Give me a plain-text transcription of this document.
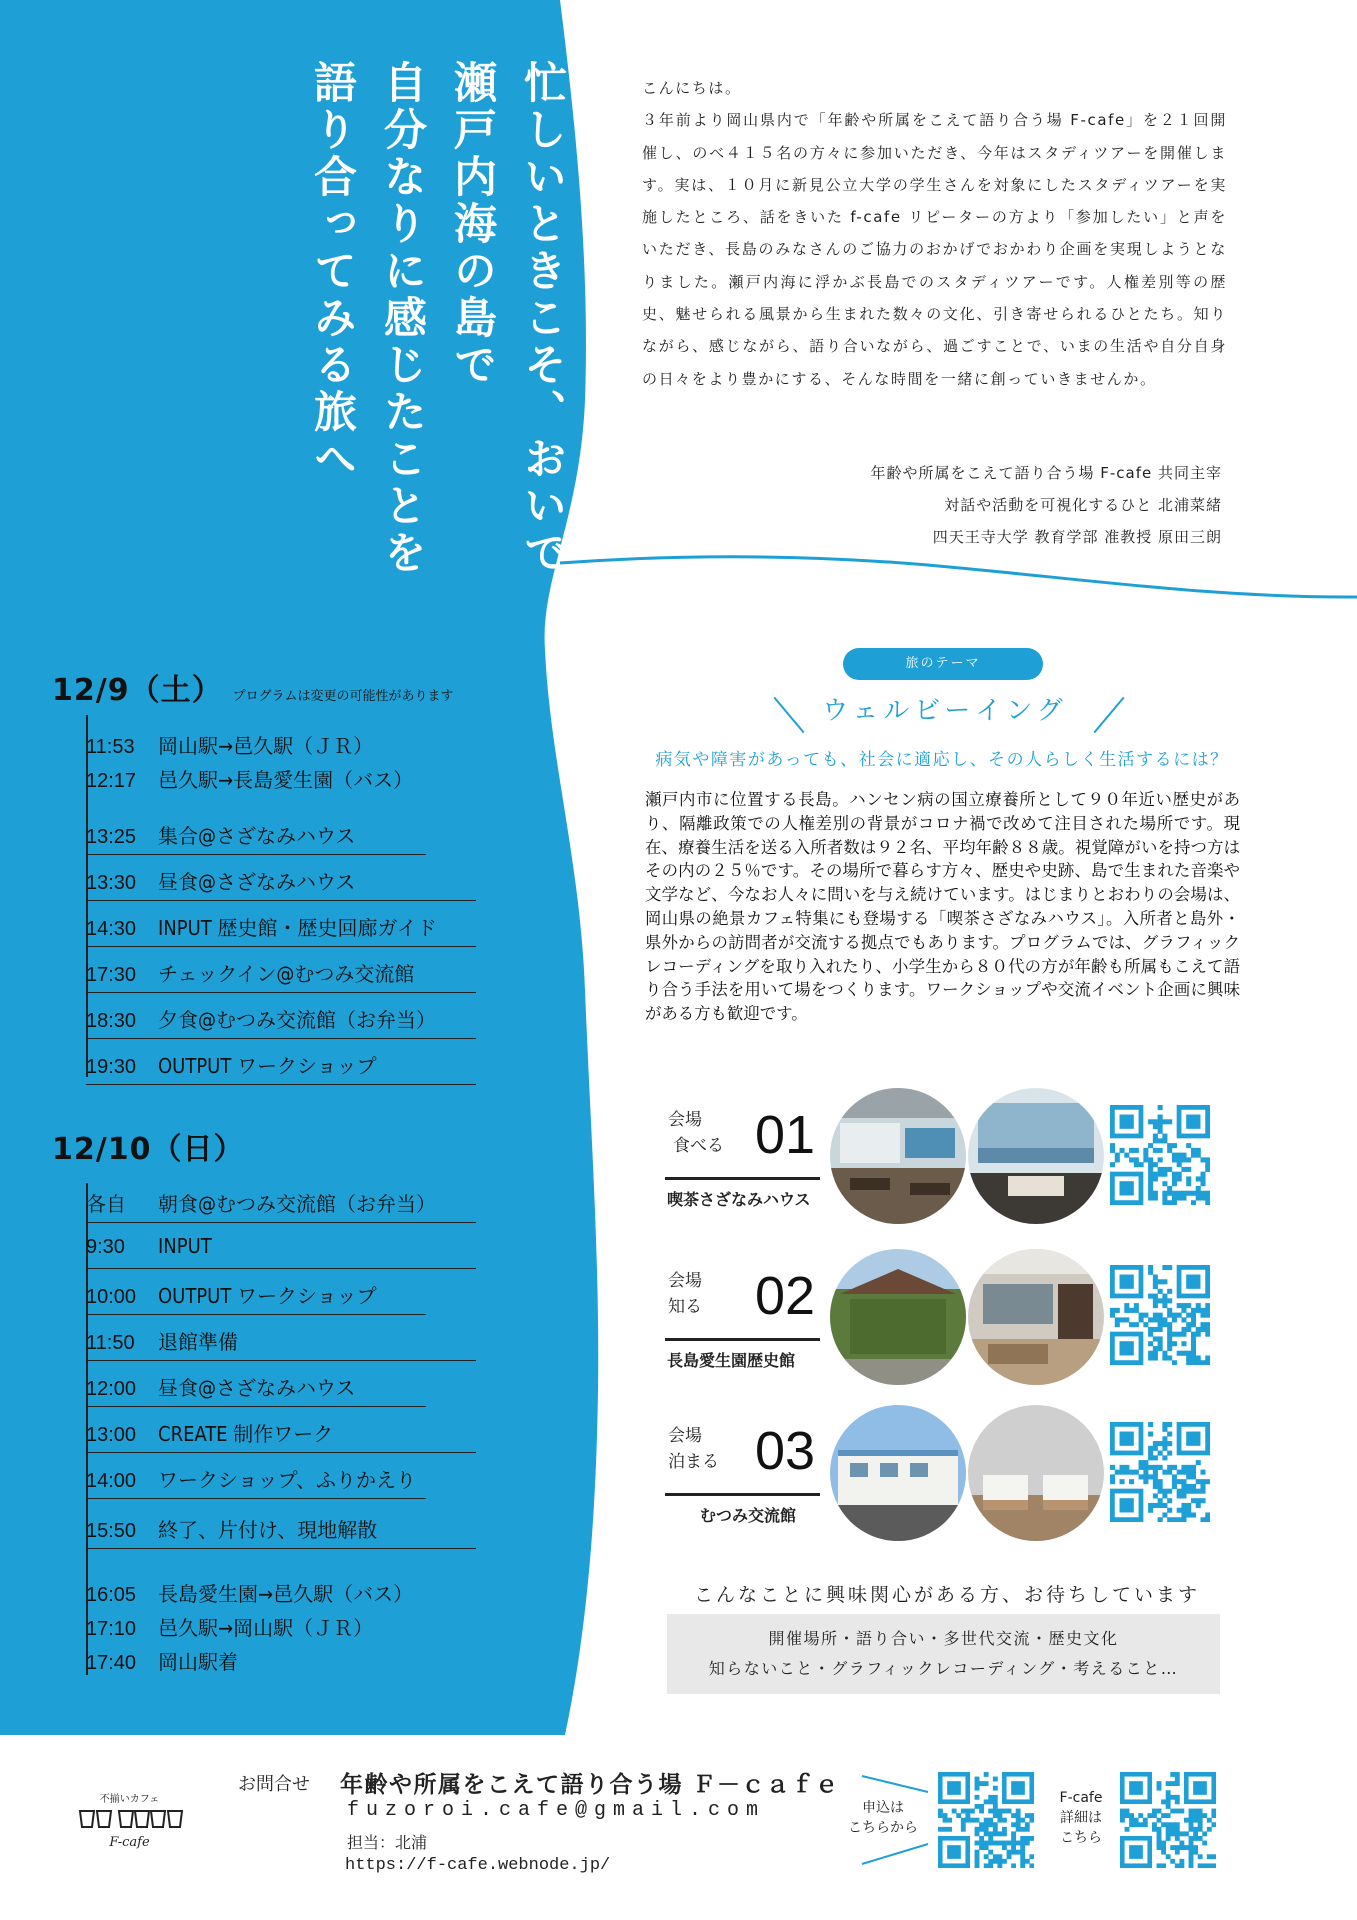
忙しいときこそ、おいで
瀬戸内海の島で
自分なりに感じたことを
語り合ってみる旅へ	こんにちは。

３年前より岡山県内で「年齢や所属をこえて語り合う場 F-cafe」を２１回開催し、のべ４１５名の方々に参加いただき、今年はスタディツアーを開催します。実は、１０月に新見公立大学の学生さんを対象にしたスタディツアーを実施したところ、話をきいた f-cafe リピーターの方より「参加したい」と声をいただき、長島のみなさんのご協力のおかげでおかわり企画を実現しようとなりました。瀬戸内海に浮かぶ長島でのスタディツアーです。人権差別等の歴史、魅せられる風景から生まれた数々の文化、引き寄せられるひとたち。知りながら、感じながら、語り合いながら、過ごすことで、いまの生活や自分自身の日々をより豊かにする、そんな時間を一緒に創っていきませんか。

年齢や所属をこえて語り合う場 F-cafe 共同主宰
対話や活動を可視化するひと 北浦菜緒
四天王寺大学 教育学部 准教授 原田三朗
12/9（土） プログラムは変更の可能性があります
11:53 岡山駅→邑久駅（ＪＲ）
12:17 邑久駅→長島愛生園（バス）
13:25 集合@さざなみハウス
13:30 昼食@さざなみハウス
14:30 INPUT 歴史館・歴史回廊ガイド
17:30 チェックイン@むつみ交流館
18:30 夕食@むつみ交流館（お弁当）
19:30 OUTPUT ワークショップ
12/10（日）
各自 朝食@むつみ交流館（お弁当）
9:30 INPUT
10:00 OUTPUT ワークショップ
11:50 退館準備
12:00 昼食@さざなみハウス
13:00 CREATE 制作ワーク
14:00 ワークショップ、ふりかえり
15:50 終了、片付け、現地解散
16:05 長島愛生園→邑久駅（バス）
17:10 邑久駅→岡山駅（ＪＲ）
17:40 岡山駅着
旅のテーマ
ウェルビーイング
病気や障害があっても、社会に適応し、その人らしく生活するには？
瀬戸内市に位置する長島。ハンセン病の国立療養所として９０年近い歴史があり、隔離政策での人権差別の背景がコロナ禍で改めて注目された場所です。現在、療養生活を送る入所者数は９２名、平均年齢８８歳。視覚障がいを持つ方はその内の２５％です。その場所で暮らす方々、歴史や史跡、島で生まれた音楽や文学など、今なお人々に問いを与え続けています。はじまりとおわりの会場は、岡山県の絶景カフェ特集にも登場する「喫茶さざなみハウス」。入所者と島外・県外からの訪問者が交流する拠点でもあります。プログラムでは、グラフィックレコーディングを取り入れたり、小学生から８０代の方が年齢も所属もこえて語り合う手法を用いて場をつくります。ワークショップや交流イベント企画に興味がある方も歓迎です。
会場
食べる 01
喫茶さざなみハウス
会場
知る 02
長島愛生園歴史館
会場
泊まる 03
むつみ交流館
こんなことに興味関心がある方、お待ちしています
開催場所・語り合い・多世代交流・歴史文化
知らないこと・グラフィックレコーディング・考えること…
不揃いカフェ
F-cafe
お問合せ 年齢や所属をこえて語り合う場 Ｆ－ｃａｆｅ
fuzoroi.cafe@gmail.com
担当：北浦
https://f-cafe.webnode.jp/
申込は
こちらから
F-cafe
詳細は
こちら
